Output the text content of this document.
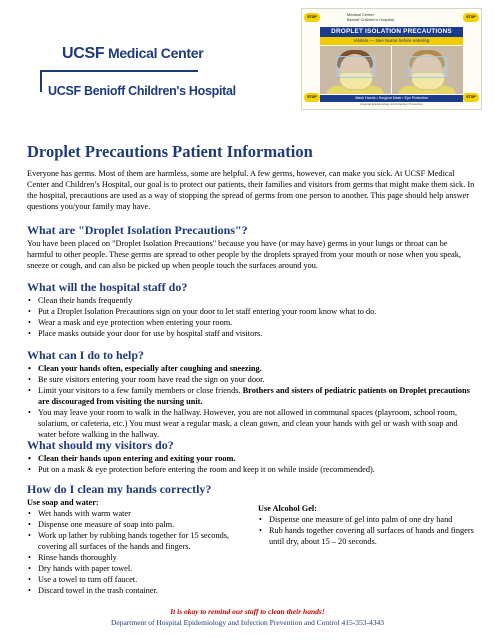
UCSF Medical Center
UCSF Benioff Children's Hospital
STOP	Medical Center
Benioff Children's Hospital	STOP
DROPLET ISOLATION PRECAUTIONS
Visitors — See Nurse before entering
STOP	STOP
Wash Hands • Surgical Mask • Eye Protection
Hospital Epidemiology and Infection Prevention
Droplet Precautions Patient Information
Everyone has germs. Most of them are harmless, some are helpful. A few germs, however, can make you sick. At UCSF Medical Center and Children’s Hospital, our goal is to protect our patients, their families and visitors from germs that might make them sick. In the hospital, precautions are used as a way of stopping the spread of germs from one person to another. This page should help answer questions you/your family may have.
What are "Droplet Isolation Precautions"?
You have been placed on "Droplet Isolation Precautions" because you have (or may have) germs in your lungs or throat can be harmful to other people. These germs are spread to other people by the droplets sprayed from your mouth or nose when you speak, sneeze or cough, and can also be picked up when people touch the surfaces around you.
What will the hospital staff do?
• Clean their hands frequently
• Put a Droplet Isolation Precautions sign on your door to let staff entering your room know what to do.
• Wear a mask and eye protection when entering your room.
• Place masks outside your door for use by hospital staff and visitors.
What can I do to help?
• Clean your hands often, especially after coughing and sneezing.
• Be sure visitors entering your room have read the sign on your door.
• Limit your visitors to a few family members or close friends. Brothers and sisters of pediatric patients on Droplet precautions are discouraged from visiting the nursing unit.
• You may leave your room to walk in the hallway. However, you are not allowed in communal spaces (playroom, school room, solarium, or cafeteria, etc.) You must wear a regular mask, a clean gown, and clean your hands with gel or wash with soap and water before walking in the hallway.
What should my visitors do?
• Clean their hands upon entering and exiting your room.
• Put on a mask & eye protection before entering the room and keep it on while inside (recommended).
How do I clean my hands correctly?
Use soap and water:
• Wet hands with warm water
• Dispense one measure of soap into palm.
• Work up lather by rubbing hands together for 15 seconds, covering all surfaces of the hands and fingers.
• Rinse hands thoroughly
• Dry hands with paper towel.
• Use a towel to turn off faucet.
• Discard towel in the trash container.
Use Alcohol Gel:
• Dispense one measure of gel into palm of one dry hand
• Rub hands together covering all surfaces of hands and fingers until dry, about 15 – 20 seconds.
It is okay to remind our staff to clean their hands!
Department of Hospital Epidemiology and Infection Prevention and Control 415-353-4343
